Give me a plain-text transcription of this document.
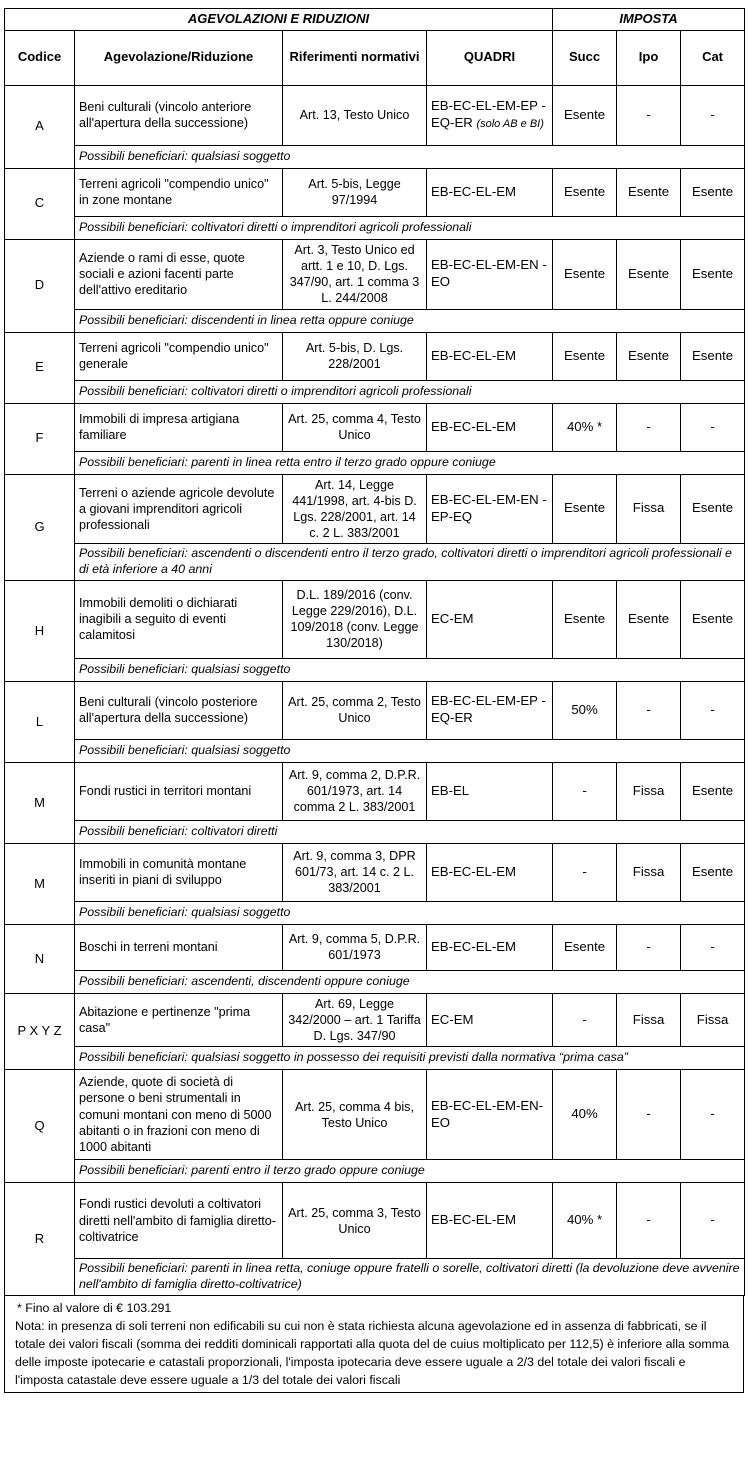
AGEVOLAZIONI E RIDUZIONI				IMPOSTA		
Codice	Agevolazione/Riduzione	Riferimenti normativi	QUADRI	Succ	Ipo	Cat
A	Beni culturali (vincolo anteriore all'apertura della successione)	Art. 13, Testo Unico	EB-EC-EL-EM-EP -EQ-ER (solo AB e BI)	Esente	-	-
	Possibili beneficiari: qualsiasi soggetto					
C	Terreni agricoli "compendio unico" in zone montane	Art. 5-bis, Legge 97/1994	EB-EC-EL-EM	Esente	Esente	Esente
	Possibili beneficiari: coltivatori diretti o imprenditori agricoli professionali					
D	Aziende o rami di esse, quote sociali e azioni facenti parte dell'attivo ereditario	Art. 3, Testo Unico ed artt. 1 e 10, D. Lgs. 347/90, art. 1 comma 3 L. 244/2008	EB-EC-EL-EM-EN -EO	Esente	Esente	Esente
	Possibili beneficiari: discendenti in linea retta oppure coniuge					
E	Terreni agricoli "compendio unico" generale	Art. 5-bis, D. Lgs. 228/2001	EB-EC-EL-EM	Esente	Esente	Esente
	Possibili beneficiari: coltivatori diretti o imprenditori agricoli professionali					
F	Immobili di impresa artigiana familiare	Art. 25, comma 4, Testo Unico	EB-EC-EL-EM	40% *	-	-
	Possibili beneficiari: parenti in linea retta entro il terzo grado oppure coniuge					
G	Terreni o aziende agricole devolute a giovani imprenditori agricoli professionali	Art. 14, Legge 441/1998, art. 4-bis D. Lgs. 228/2001, art. 14 c. 2 L. 383/2001	EB-EC-EL-EM-EN -EP-EQ	Esente	Fissa	Esente
	Possibili beneficiari: ascendenti o discendenti entro il terzo grado, coltivatori diretti o imprenditori agricoli professionali e di età inferiore a 40 anni					
H	Immobili demoliti o dichiarati inagibili a seguito di eventi calamitosi	D.L. 189/2016 (conv. Legge 229/2016), D.L. 109/2018 (conv. Legge 130/2018)	EC-EM	Esente	Esente	Esente
	Possibili beneficiari: qualsiasi soggetto					
L	Beni culturali (vincolo posteriore all'apertura della successione)	Art. 25, comma 2, Testo Unico	EB-EC-EL-EM-EP -EQ-ER	50%	-	-
	Possibili beneficiari: qualsiasi soggetto					
M	Fondi rustici in territori montani	Art. 9, comma 2, D.P.R. 601/1973, art. 14 comma 2 L. 383/2001	EB-EL	-	Fissa	Esente
	Possibili beneficiari: coltivatori diretti					
M	Immobili in comunità montane inseriti in piani di sviluppo	Art. 9, comma 3, DPR 601/73, art. 14 c. 2 L. 383/2001	EB-EC-EL-EM	-	Fissa	Esente
	Possibili beneficiari: qualsiasi soggetto					
N	Boschi in terreni montani	Art. 9, comma 5, D.P.R. 601/1973	EB-EC-EL-EM	Esente	-	-
	Possibili beneficiari: ascendenti, discendenti oppure coniuge					
P X Y Z	Abitazione e pertinenze "prima casa"	Art. 69, Legge 342/2000 – art. 1 Tariffa D. Lgs. 347/90	EC-EM	-	Fissa	Fissa
	Possibili beneficiari: qualsiasi soggetto in possesso dei requisiti previsti dalla normativa “prima casa”					
Q	Aziende, quote di società di persone o beni strumentali in comuni montani con meno di 5000 abitanti o in frazioni con meno di 1000 abitanti	Art. 25, comma 4 bis, Testo Unico	EB-EC-EL-EM-EN- EO	40%	-	-
	Possibili beneficiari: parenti entro il terzo grado oppure coniuge					
R	Fondi rustici devoluti a coltivatori diretti nell'ambito di famiglia diretto-coltivatrice	Art. 25, comma 3, Testo Unico	EB-EC-EL-EM	40% *	-	-
	Possibili beneficiari: parenti in linea retta, coniuge oppure fratelli o sorelle, coltivatori diretti (la devoluzione deve avvenire nell'ambito di famiglia diretto-coltivatrice)					
* Fino al valore di € 103.291
Nota: in presenza di soli terreni non edificabili su cui non è stata richiesta alcuna agevolazione ed in assenza di fabbricati, se il totale dei valori fiscali (somma dei redditi dominicali rapportati alla quota del de cuius moltiplicato per 112,5) è inferiore alla somma delle imposte ipotecarie e catastali proporzionali, l'imposta ipotecaria deve essere uguale a 2/3 del totale dei valori fiscali e l'imposta catastale deve essere uguale a 1/3 del totale dei valori fiscali
